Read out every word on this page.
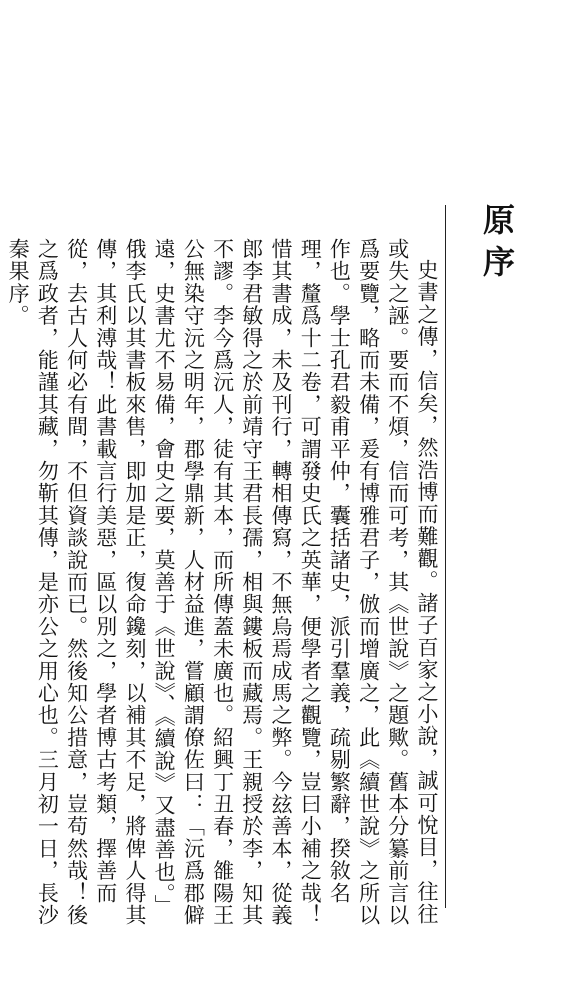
原序

史書之傳，信矣，然浩博而難觀。諸子百家之小說，誠可悅目，往往或失之誣。要而不煩，信而可考，其《世說》之題歟。舊本分纂前言以爲要覽，略而未備，爰有博雅君子，倣而增廣之，此《續世說》之所以作也。學士孔君毅甫平仲，囊括諸史，派引羣義，疏剔繁辭，揆敘名理，釐爲十二卷，可謂發史氏之英華，便學者之觀覽，豈曰小補之哉！惜其書成，未及刊行，轉相傳寫，不無烏焉成馬之弊。今玆善本，從義郎李君敏得之於前靖守王君長孺，相與鏤板而藏焉。王親授於李，知其不謬。李今爲沅人，徒有其本，而所傳蓋未廣也。紹興丁丑春，雒陽王公無染守沅之明年，郡學鼎新，人材益進，嘗顧謂僚佐曰：「沅爲郡僻遠，史書尤不易備，會史之要，莫善于《世說》、《續說》又盡善也。」俄李氏以其書板來售，即加是正，復命鑱刻，以補其不足，將俾人得其傳，其利溥哉！此書載言行美惡，區以別之，學者博古考類，擇善而從，去古人何必有間，不但資談說而已。然後知公措意，豈苟然哉！後之爲政者，能謹其藏，勿靳其傳，是亦公之用心也。三月初一日，長沙秦果序。
